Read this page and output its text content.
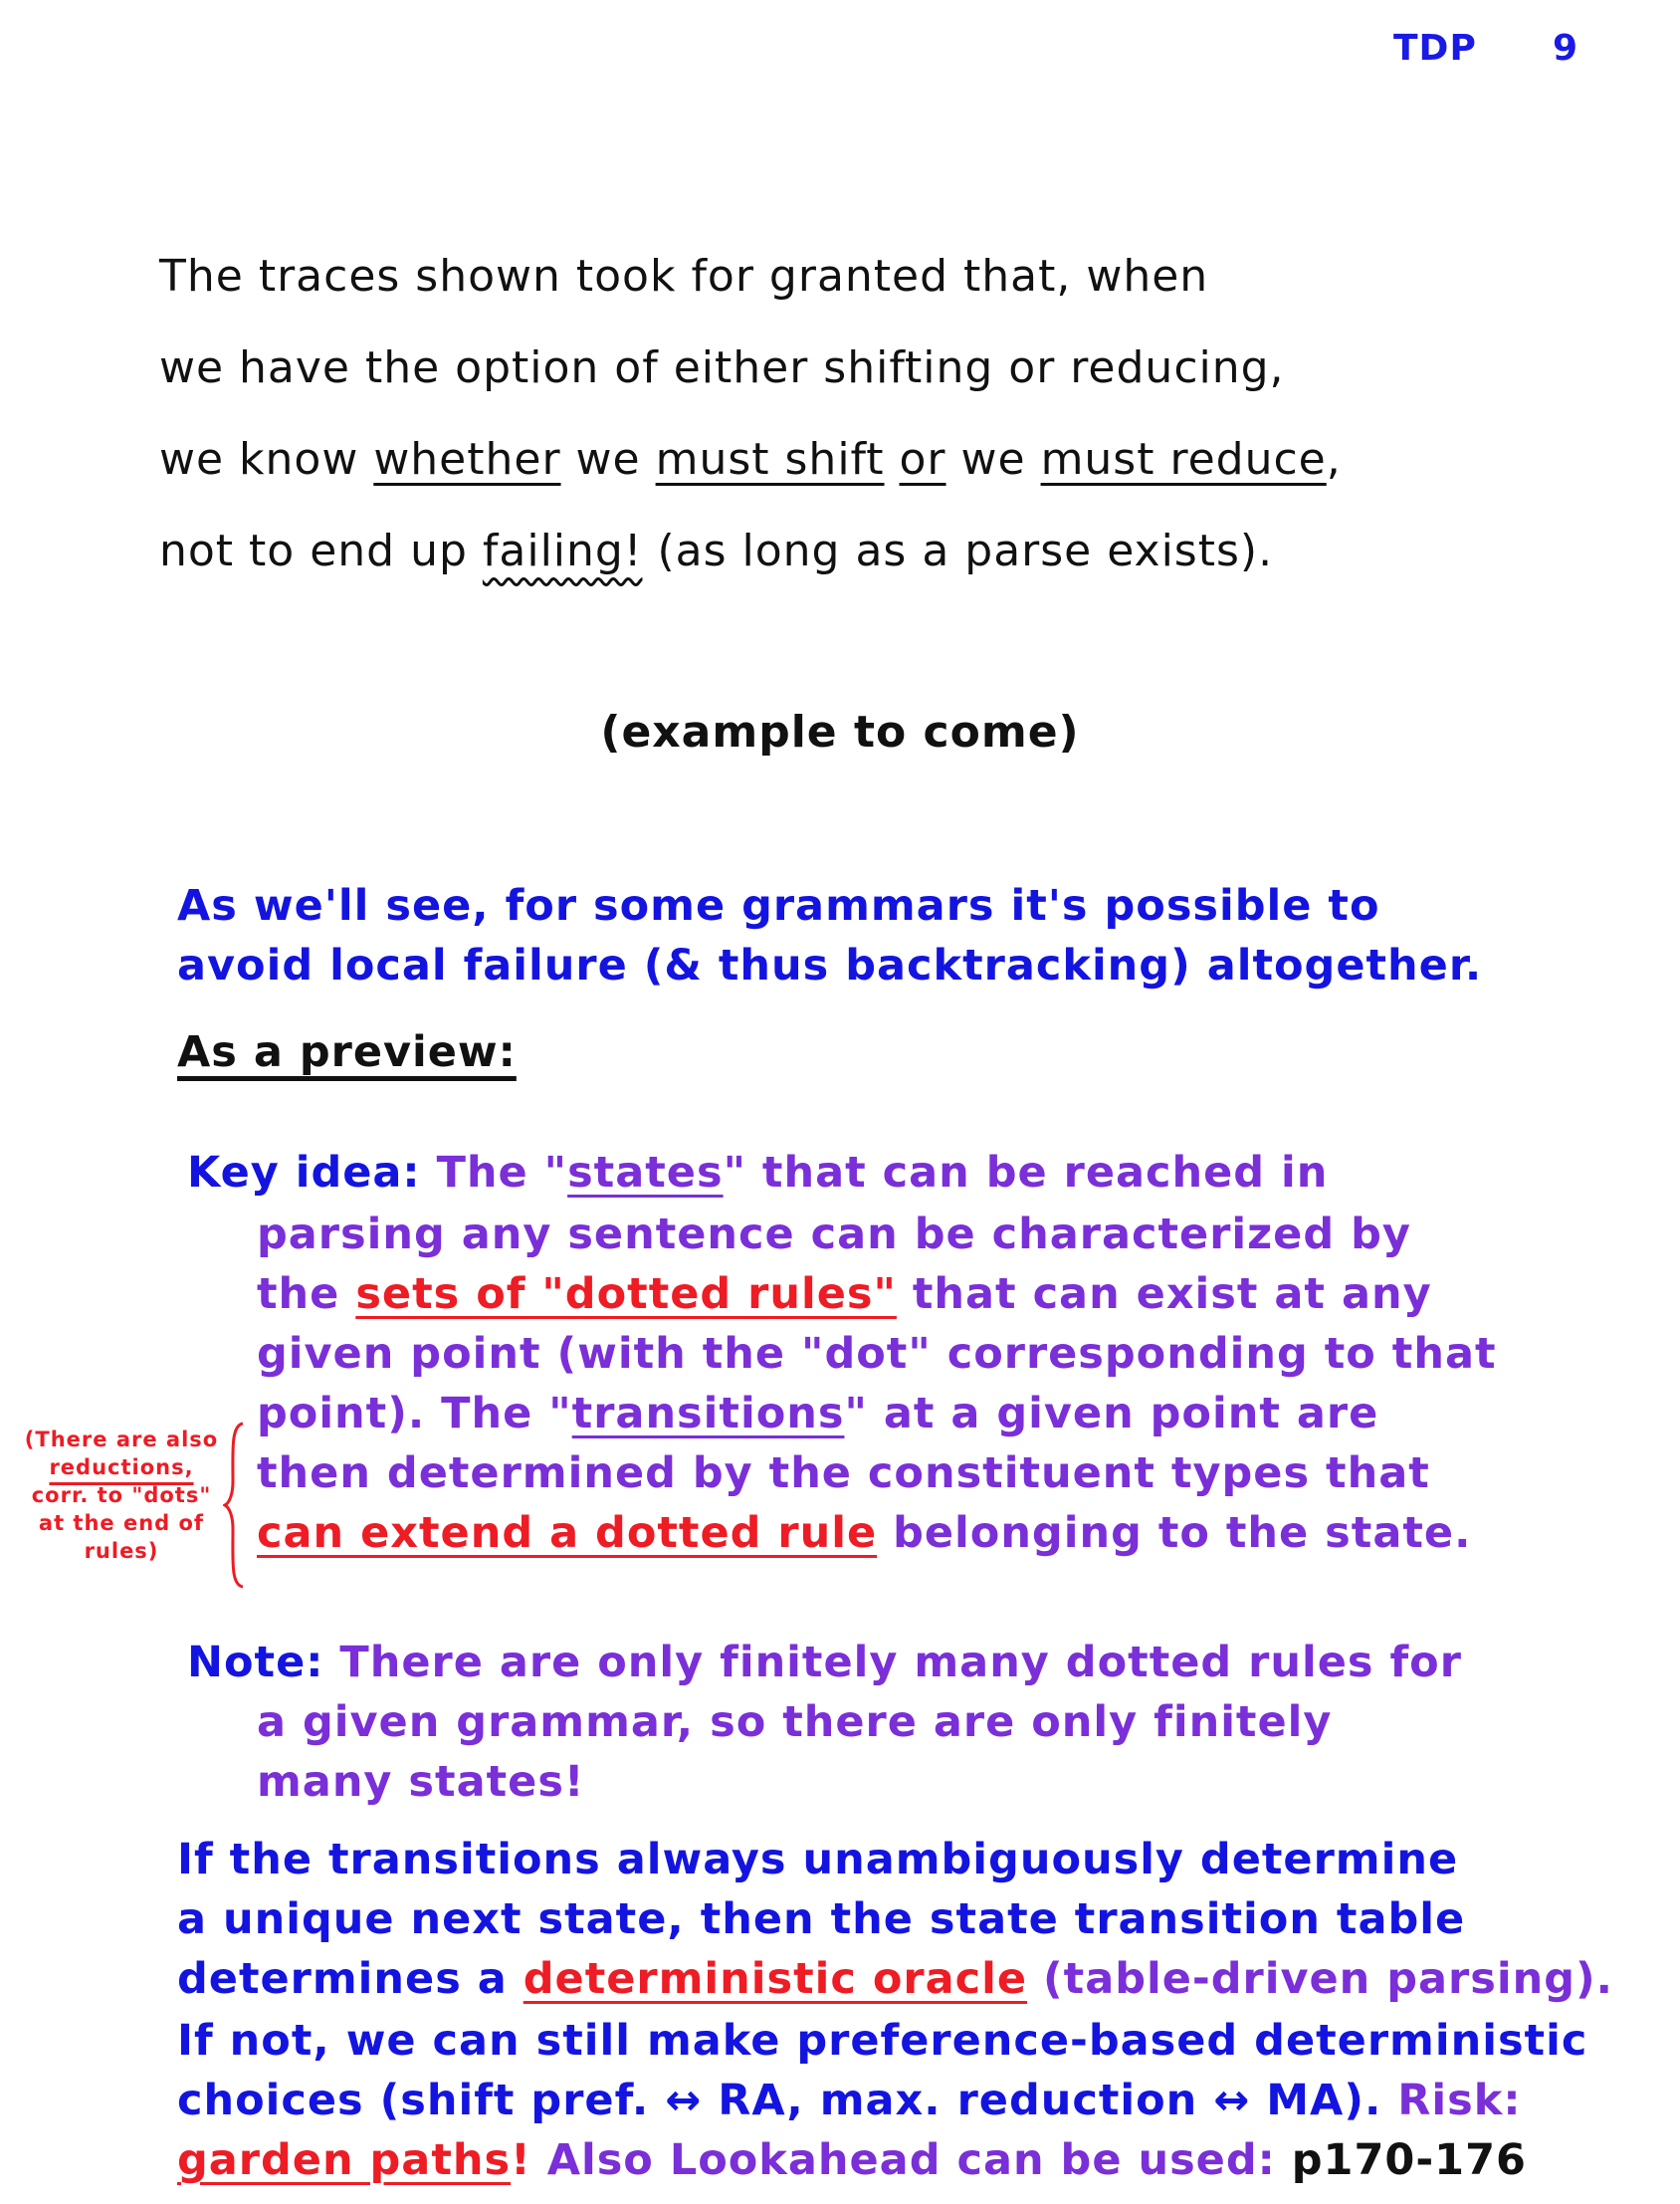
TDP 9
The traces shown took for granted that, when
we have the option of either shifting or reducing,
we know whether we must shift or we must reduce,
not to end up failing! (as long as a parse exists).
(example to come)
As we'll see, for some grammars it's possible to
avoid local failure (& thus backtracking) altogether.
As a preview:
Key idea: The "states" that can be reached in
parsing any sentence can be characterized by
the sets of "dotted rules" that can exist at any
given point (with the "dot" corresponding to that
point). The "transitions" at a given point are
then determined by the constituent types that
can extend a dotted rule belonging to the state.
(There are also
reductions,
corr. to "dots"
at the end of
rules)
Note: There are only finitely many dotted rules for
a given grammar, so there are only finitely
many states!
If the transitions always unambiguously determine
a unique next state, then the state transition table
determines a deterministic oracle (table-driven parsing).
If not, we can still make preference-based deterministic
choices (shift pref. ↔ RA, max. reduction ↔ MA). Risk:
garden paths! Also Lookahead can be used: p170-176
